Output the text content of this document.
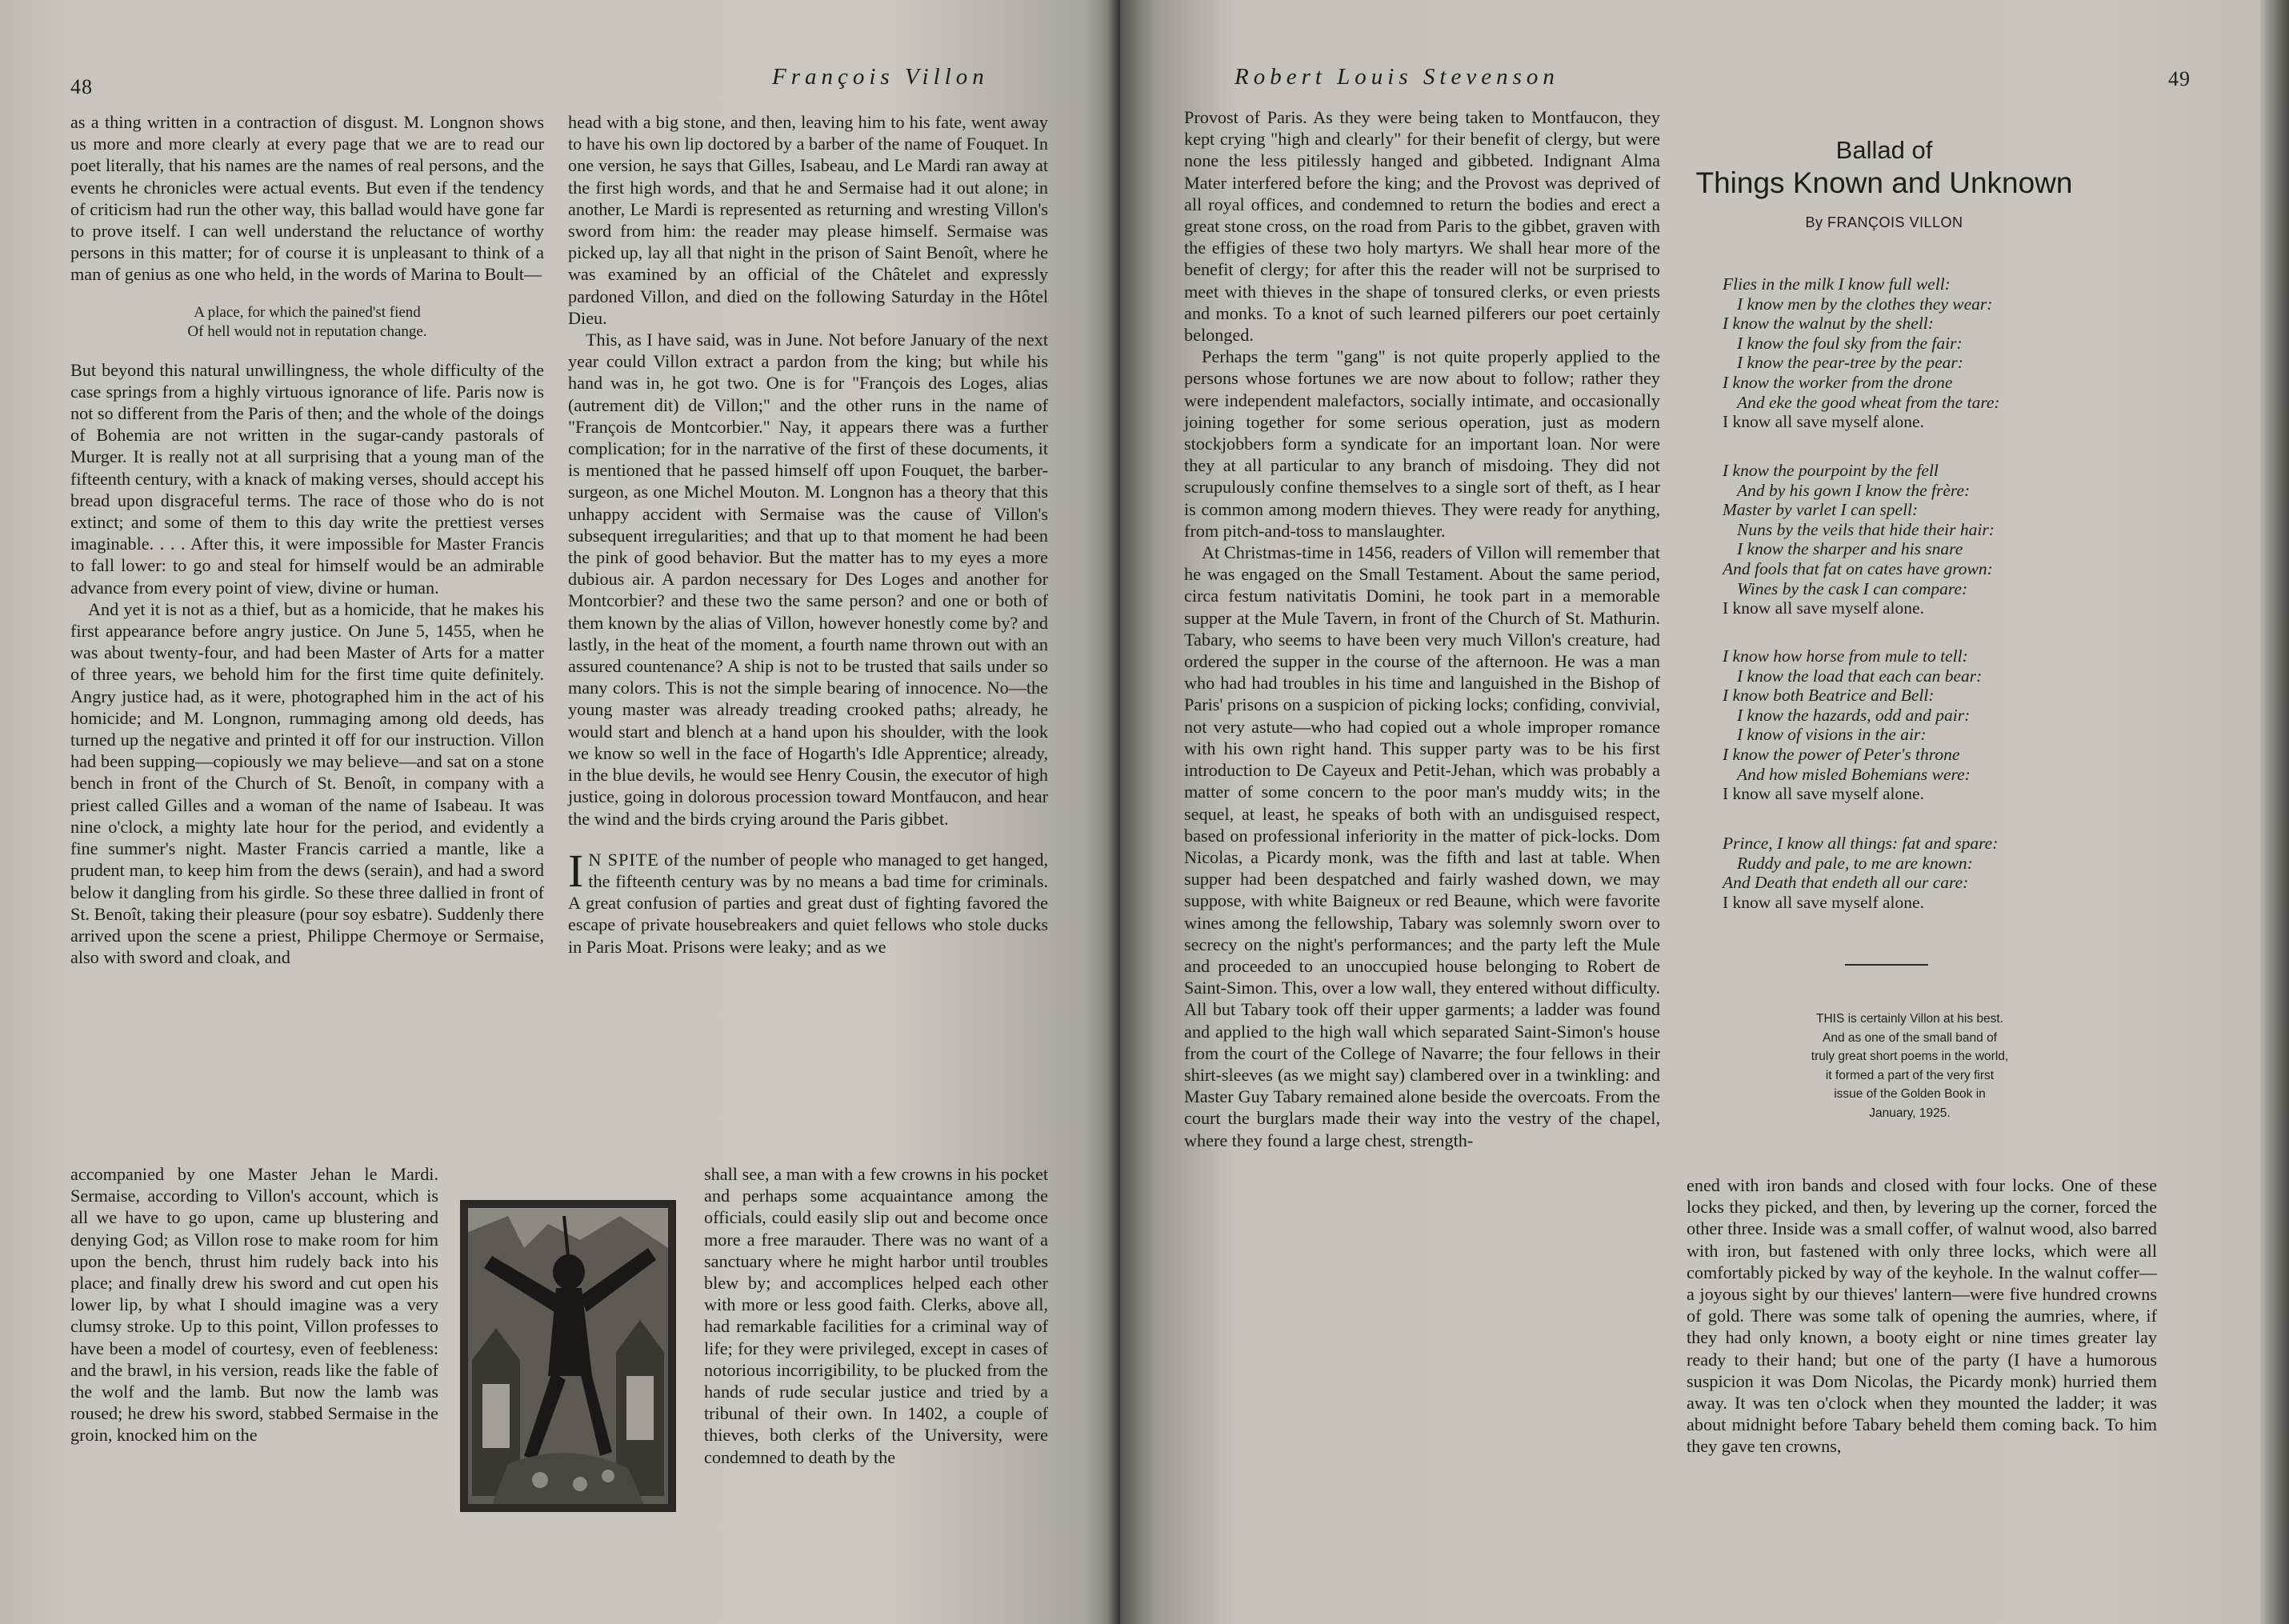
48	François Villon

as a thing written in a contraction of disgust. M. Longnon shows us more and more clearly at every page that we are to read our poet literally, that his names are the names of real persons, and the events he chronicles were actual events. But even if the tendency of criticism had run the other way, this ballad would have gone far to prove itself. I can well understand the reluctance of worthy persons in this matter; for of course it is unpleasant to think of a man of genius as one who held, in the words of Marina to Boult—

A place, for which the pained'st fiend
Of hell would not in reputation change.

But beyond this natural unwillingness, the whole difficulty of the case springs from a highly virtuous ignorance of life. Paris now is not so different from the Paris of then; and the whole of the doings of Bohemia are not written in the sugar-candy pastorals of Murger. It is really not at all surprising that a young man of the fifteenth century, with a knack of making verses, should accept his bread upon disgraceful terms. The race of those who do is not extinct; and some of them to this day write the prettiest verses imaginable. . . . After this, it were impossible for Master Francis to fall lower: to go and steal for himself would be an admirable advance from every point of view, divine or human.

And yet it is not as a thief, but as a homicide, that he makes his first appearance before angry justice. On June 5, 1455, when he was about twenty-four, and had been Master of Arts for a matter of three years, we behold him for the first time quite definitely. Angry justice had, as it were, photographed him in the act of his homicide; and M. Longnon, rummaging among old deeds, has turned up the negative and printed it off for our instruction. Villon had been supping—copiously we may believe—and sat on a stone bench in front of the Church of St. Benoît, in company with a priest called Gilles and a woman of the name of Isabeau. It was nine o'clock, a mighty late hour for the period, and evidently a fine summer's night. Master Francis carried a mantle, like a prudent man, to keep him from the dews (serain), and had a sword below it dangling from his girdle. So these three dallied in front of St. Benoît, taking their pleasure (pour soy esbatre). Suddenly there arrived upon the scene a priest, Philippe Chermoye or Sermaise, also with sword and cloak, and

accompanied by one Master Jehan le Mardi. Sermaise, according to Villon's account, which is all we have to go upon, came up blustering and denying God; as Villon rose to make room for him upon the bench, thrust him rudely back into his place; and finally drew his sword and cut open his lower lip, by what I should imagine was a very clumsy stroke. Up to this point, Villon professes to have been a model of courtesy, even of feebleness: and the brawl, in his version, reads like the fable of the wolf and the lamb. But now the lamb was roused; he drew his sword, stabbed Sermaise in the groin, knocked him on the

head with a big stone, and then, leaving him to his fate, went away to have his own lip doctored by a barber of the name of Fouquet. In one version, he says that Gilles, Isabeau, and Le Mardi ran away at the first high words, and that he and Sermaise had it out alone; in another, Le Mardi is represented as returning and wresting Villon's sword from him: the reader may please himself. Sermaise was picked up, lay all that night in the prison of Saint Benoît, where he was examined by an official of the Châtelet and expressly pardoned Villon, and died on the following Saturday in the Hôtel Dieu.

This, as I have said, was in June. Not before January of the next year could Villon extract a pardon from the king; but while his hand was in, he got two. One is for "François des Loges, alias (autrement dit) de Villon;" and the other runs in the name of "François de Montcorbier." Nay, it appears there was a further complication; for in the narrative of the first of these documents, it is mentioned that he passed himself off upon Fouquet, the barber-surgeon, as one Michel Mouton. M. Longnon has a theory that this unhappy accident with Sermaise was the cause of Villon's subsequent irregularities; and that up to that moment he had been the pink of good behavior. But the matter has to my eyes a more dubious air. A pardon necessary for Des Loges and another for Montcorbier? and these two the same person? and one or both of them known by the alias of Villon, however honestly come by? and lastly, in the heat of the moment, a fourth name thrown out with an assured countenance? A ship is not to be trusted that sails under so many colors. This is not the simple bearing of innocence. No—the young master was already treading crooked paths; already, he would start and blench at a hand upon his shoulder, with the look we know so well in the face of Hogarth's Idle Apprentice; already, in the blue devils, he would see Henry Cousin, the executor of high justice, going in dolorous procession toward Montfaucon, and hear the wind and the birds crying around the Paris gibbet.

I N SPITE of the number of people who managed to get hanged, the fifteenth century was by no means a bad time for criminals. A great confusion of parties and great dust of fighting favored the escape of private housebreakers and quiet fellows who stole ducks in Paris Moat. Prisons were leaky; and as we

shall see, a man with a few crowns in his pocket and perhaps some acquaintance among the officials, could easily slip out and become once more a free marauder. There was no want of a sanctuary where he might harbor until troubles blew by; and accomplices helped each other with more or less good faith. Clerks, above all, had remarkable facilities for a criminal way of life; for they were privileged, except in cases of notorious incorrigibility, to be plucked from the hands of rude secular justice and tried by a tribunal of their own. In 1402, a couple of thieves, both clerks of the University, were condemned to death by the

Robert Louis Stevenson	49

Provost of Paris. As they were being taken to Montfaucon, they kept crying "high and clearly" for their benefit of clergy, but were none the less pitilessly hanged and gibbeted. Indignant Alma Mater interfered before the king; and the Provost was deprived of all royal offices, and condemned to return the bodies and erect a great stone cross, on the road from Paris to the gibbet, graven with the effigies of these two holy martyrs. We shall hear more of the benefit of clergy; for after this the reader will not be surprised to meet with thieves in the shape of tonsured clerks, or even priests and monks. To a knot of such learned pilferers our poet certainly belonged.

Perhaps the term "gang" is not quite properly applied to the persons whose fortunes we are now about to follow; rather they were independent malefactors, socially intimate, and occasionally joining together for some serious operation, just as modern stockjobbers form a syndicate for an important loan. Nor were they at all particular to any branch of misdoing. They did not scrupulously confine themselves to a single sort of theft, as I hear is common among modern thieves. They were ready for anything, from pitch-and-toss to manslaughter.

At Christmas-time in 1456, readers of Villon will remember that he was engaged on the Small Testament. About the same period, circa festum nativitatis Domini, he took part in a memorable supper at the Mule Tavern, in front of the Church of St. Mathurin. Tabary, who seems to have been very much Villon's creature, had ordered the supper in the course of the afternoon. He was a man who had had troubles in his time and languished in the Bishop of Paris' prisons on a suspicion of picking locks; confiding, convivial, not very astute—who had copied out a whole improper romance with his own right hand. This supper party was to be his first introduction to De Cayeux and Petit-Jehan, which was probably a matter of some concern to the poor man's muddy wits; in the sequel, at least, he speaks of both with an undisguised respect, based on professional inferiority in the matter of pick-locks. Dom Nicolas, a Picardy monk, was the fifth and last at table. When supper had been despatched and fairly washed down, we may suppose, with white Baigneux or red Beaune, which were favorite wines among the fellowship, Tabary was solemnly sworn over to secrecy on the night's performances; and the party left the Mule and proceeded to an unoccupied house belonging to Robert de Saint-Simon. This, over a low wall, they entered without difficulty. All but Tabary took off their upper garments; a ladder was found and applied to the high wall which separated Saint-Simon's house from the court of the College of Navarre; the four fellows in their shirt-sleeves (as we might say) clambered over in a twinkling: and Master Guy Tabary remained alone beside the overcoats. From the court the burglars made their way into the vestry of the chapel, where they found a large chest, strength-

ened with iron bands and closed with four locks. One of these locks they picked, and then, by levering up the corner, forced the other three. Inside was a small coffer, of walnut wood, also barred with iron, but fastened with only three locks, which were all comfortably picked by way of the keyhole. In the walnut coffer—a joyous sight by our thieves' lantern—were five hundred crowns of gold. There was some talk of opening the aumries, where, if they had only known, a booty eight or nine times greater lay ready to their hand; but one of the party (I have a humorous suspicion it was Dom Nicolas, the Picardy monk) hurried them away. It was ten o'clock when they mounted the ladder; it was about midnight before Tabary beheld them coming back. To him they gave ten crowns,

Ballad of
Things Known and Unknown
By FRANÇOIS VILLON
Flies in the milk I know full well:
I know men by the clothes they wear:
I know the walnut by the shell:
I know the foul sky from the fair:
I know the pear-tree by the pear:
I know the worker from the drone
And eke the good wheat from the tare:
I know all save myself alone.
I know the pourpoint by the fell
And by his gown I know the frère:
Master by varlet I can spell:
Nuns by the veils that hide their hair:
I know the sharper and his snare
And fools that fat on cates have grown:
Wines by the cask I can compare:
I know all save myself alone.
I know how horse from mule to tell:
I know the load that each can bear:
I know both Beatrice and Bell:
I know the hazards, odd and pair:
I know of visions in the air:
I know the power of Peter's throne
And how misled Bohemians were:
I know all save myself alone.
Prince, I know all things: fat and spare:
Ruddy and pale, to me are known:
And Death that endeth all our care:
I know all save myself alone.
THIS is certainly Villon at his best. And as one of the small band of truly great short poems in the world, it formed a part of the very first issue of the Golden Book in January, 1925.
